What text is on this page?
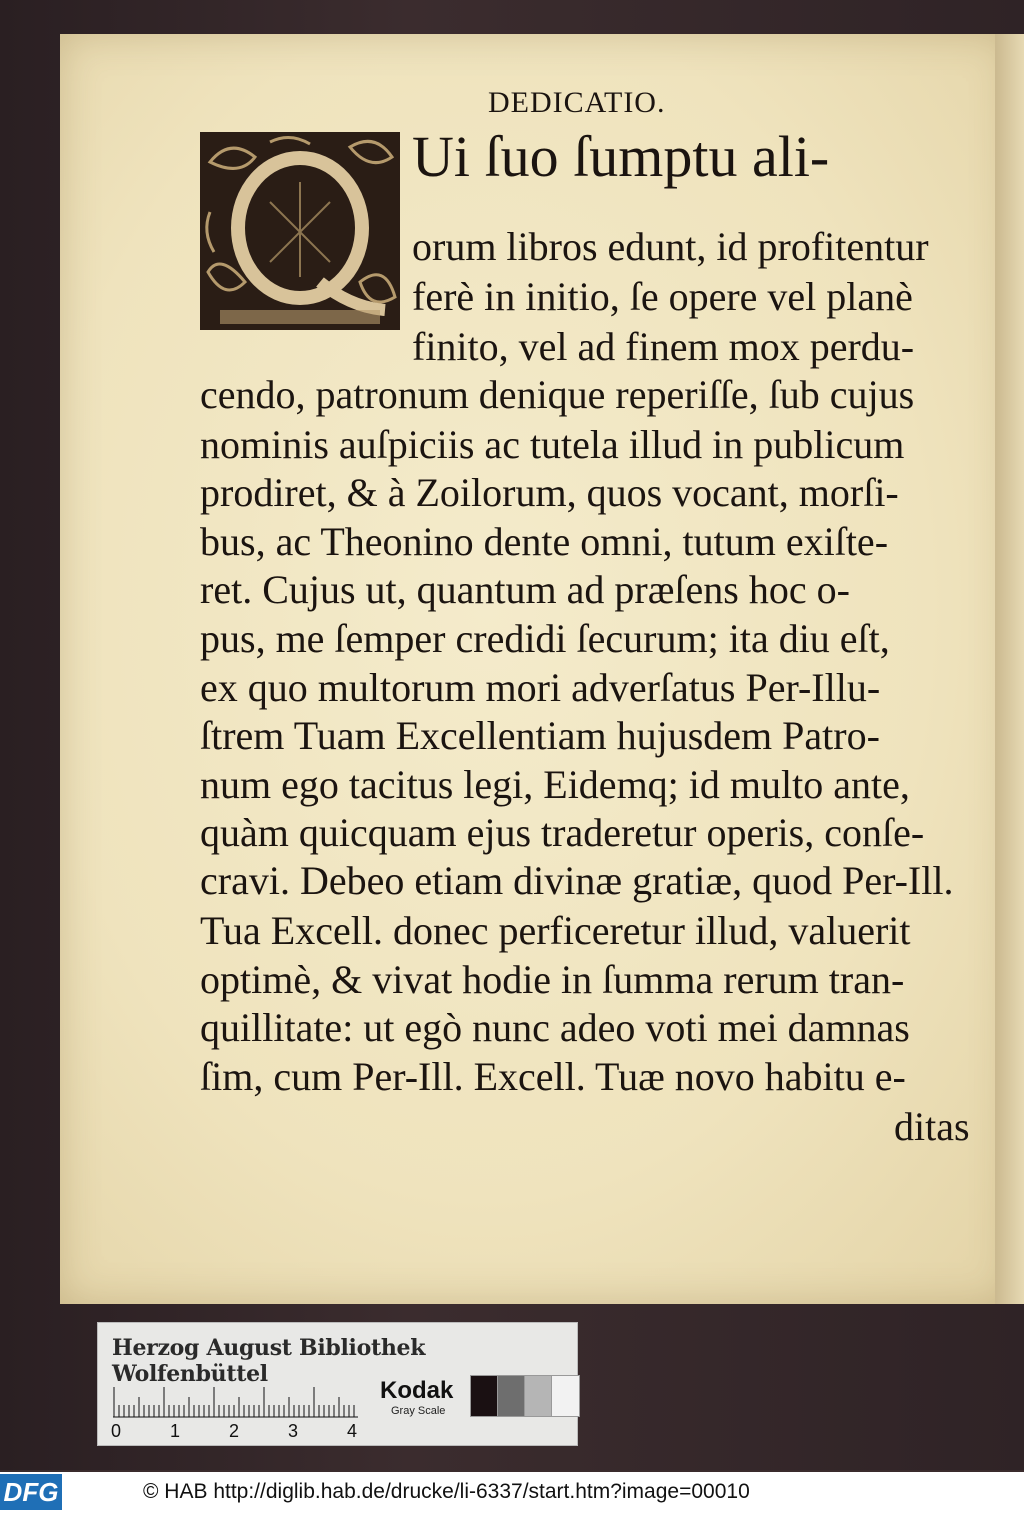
DEDICATIO.
Ui ſuo ſumptu ali-
orum libros edunt, id profitentur
ferè in initio, ſe opere vel planè
finito, vel ad finem mox perdu-
cendo, patronum denique reperiſſe, ſub cujus
nominis auſpiciis ac tutela illud in publicum
prodiret, & à Zoilorum, quos vocant, morſi-
bus, ac Theonino dente omni, tutum exiſte-
ret. Cujus ut, quantum ad præſens hoc o-
pus, me ſemper credidi ſecurum; ita diu eſt,
ex quo multorum mori adverſatus Per-Illu-
ſtrem Tuam Excellentiam hujusdem Patro-
num ego tacitus legi, Eidemq; id multo ante,
quàm quicquam ejus traderetur operis, conſe-
cravi. Debeo etiam divinæ gratiæ, quod Per-Ill.
Tua Excell. donec perficeretur illud, valuerit
optimè, & vivat hodie in ſumma rerum tran-
quillitate: ut egò nunc adeo voti mei damnas
ſim, cum Per-Ill. Excell. Tuæ novo habitu e-
ditas
Herzog August Bibliothek Wolfenbüttel
0	1	2	3	4
Kodak
Gray Scale
DFG	© HAB http://diglib.hab.de/drucke/li-6337/start.htm?image=00010
